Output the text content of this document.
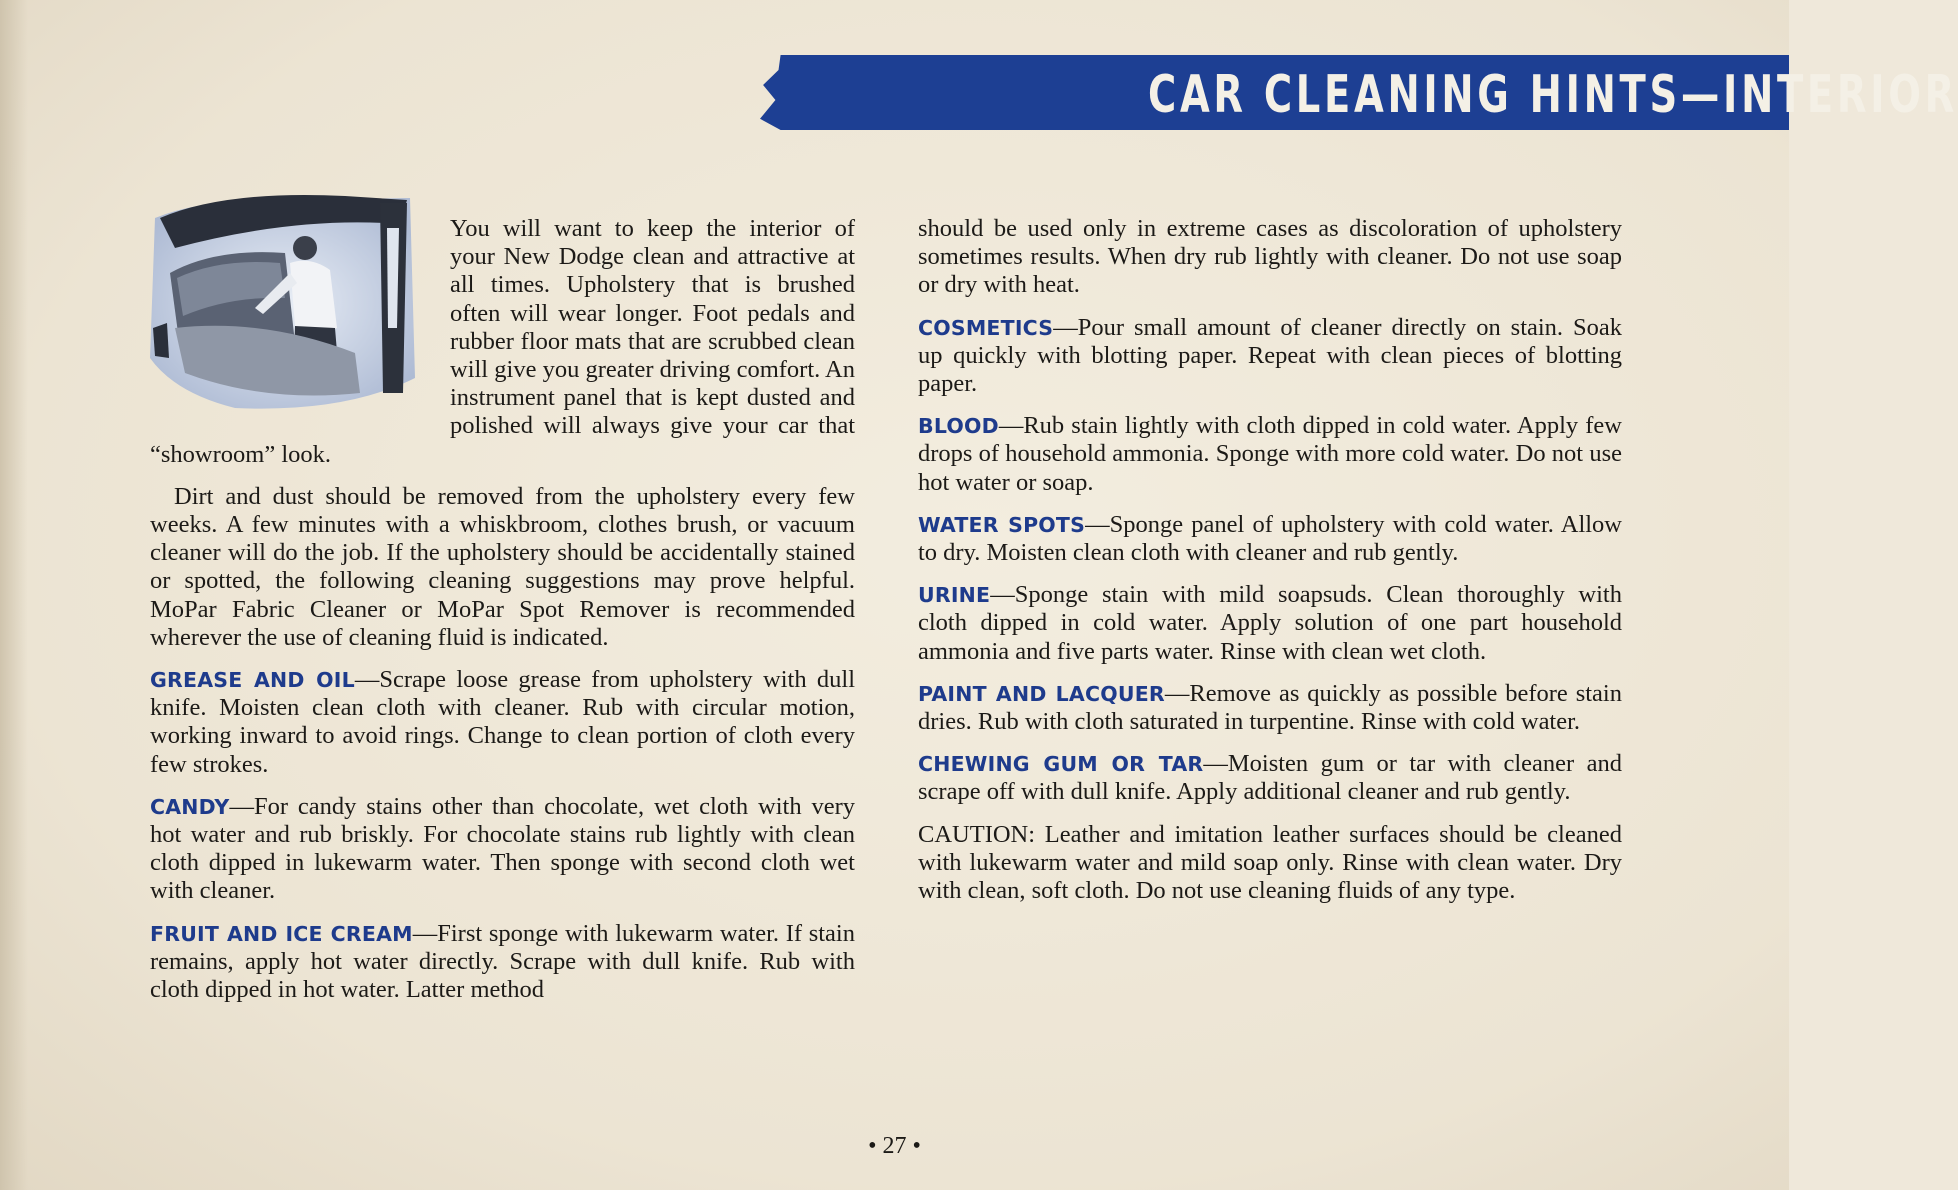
CAR CLEANING HINTS—INTERIOR

You will want to keep the interior of your New Dodge clean and attractive at all times. Upholstery that is brushed often will wear longer. Foot pedals and rubber floor mats that are scrubbed clean will give you greater driving comfort. An instrument panel that is kept dusted and polished will always give your car that “showroom” look.

Dirt and dust should be removed from the upholstery every few weeks. A few minutes with a whiskbroom, clothes brush, or vacuum cleaner will do the job. If the upholstery should be accidentally stained or spotted, the following cleaning suggestions may prove helpful. MoPar Fabric Cleaner or MoPar Spot Remover is recommended wherever the use of cleaning fluid is indicated.

GREASE AND OIL—Scrape loose grease from upholstery with dull knife. Moisten clean cloth with cleaner. Rub with circular motion, working inward to avoid rings. Change to clean portion of cloth every few strokes.

CANDY—For candy stains other than chocolate, wet cloth with very hot water and rub briskly. For chocolate stains rub lightly with clean cloth dipped in lukewarm water. Then sponge with second cloth wet with cleaner.

FRUIT AND ICE CREAM—First sponge with lukewarm water. If stain remains, apply hot water directly. Scrape with dull knife. Rub with cloth dipped in hot water. Latter method

should be used only in extreme cases as discoloration of upholstery sometimes results. When dry rub lightly with cleaner. Do not use soap or dry with heat.

COSMETICS—Pour small amount of cleaner directly on stain. Soak up quickly with blotting paper. Repeat with clean pieces of blotting paper.

BLOOD—Rub stain lightly with cloth dipped in cold water. Apply few drops of household ammonia. Sponge with more cold water. Do not use hot water or soap.

WATER SPOTS—Sponge panel of upholstery with cold water. Allow to dry. Moisten clean cloth with cleaner and rub gently.

URINE—Sponge stain with mild soapsuds. Clean thoroughly with cloth dipped in cold water. Apply solution of one part household ammonia and five parts water. Rinse with clean wet cloth.

PAINT AND LACQUER—Remove as quickly as possible before stain dries. Rub with cloth saturated in turpentine. Rinse with cold water.

CHEWING GUM OR TAR—Moisten gum or tar with cleaner and scrape off with dull knife. Apply additional cleaner and rub gently.

CAUTION: Leather and imitation leather surfaces should be cleaned with lukewarm water and mild soap only. Rinse with clean water. Dry with clean, soft cloth. Do not use cleaning fluids of any type.

• 27 •
